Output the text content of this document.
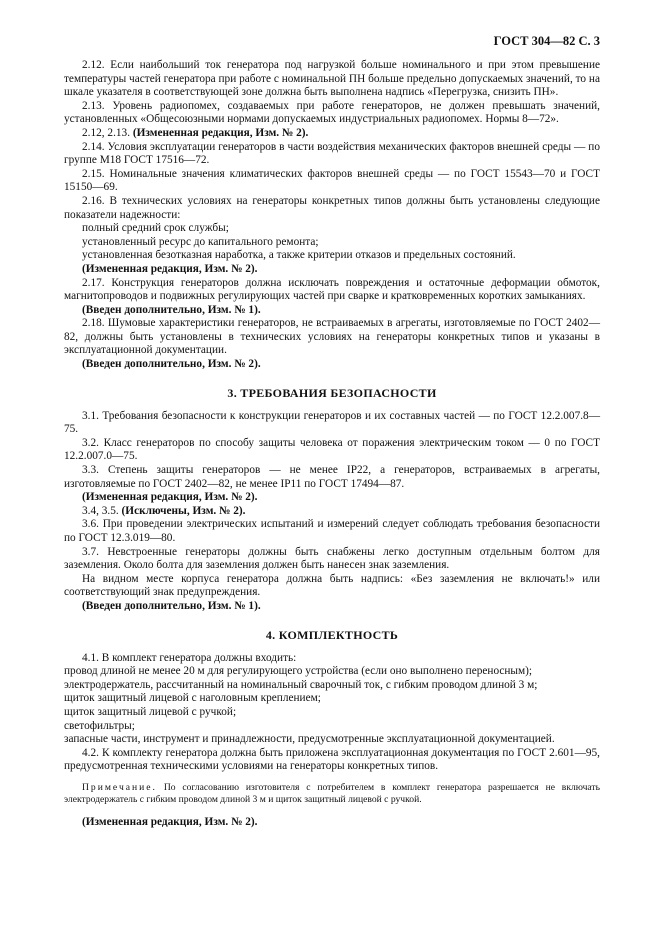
ГОСТ 304—82 С. 3

2.12. Если наибольший ток генератора под нагрузкой больше номинального и при этом превышение температуры частей генератора при работе с номинальной ПН больше предельно допускаемых значений, то на шкале указателя в соответствующей зоне должна быть выполнена надпись «Перегрузка, снизить ПН».

2.13. Уровень радиопомех, создаваемых при работе генераторов, не должен превышать значений, установленных «Общесоюзными нормами допускаемых индустриальных радиопомех. Нормы 8—72».

2.12, 2.13. (Измененная редакция, Изм. № 2).

2.14. Условия эксплуатации генераторов в части воздействия механических факторов внешней среды — по группе М18 ГОСТ 17516—72.

2.15. Номинальные значения климатических факторов внешней среды — по ГОСТ 15543—70 и ГОСТ 15150—69.

2.16. В технических условиях на генераторы конкретных типов должны быть установлены следующие показатели надежности:

полный средний срок службы;

установленный ресурс до капитального ремонта;

установленная безотказная наработка, а также критерии отказов и предельных состояний.

(Измененная редакция, Изм. № 2).

2.17. Конструкция генераторов должна исключать повреждения и остаточные деформации обмоток, магнитопроводов и подвижных регулирующих частей при сварке и кратковременных коротких замыканиях.

(Введен дополнительно, Изм. № 1).

2.18. Шумовые характеристики генераторов, не встраиваемых в агрегаты, изготовляемые по ГОСТ 2402—82, должны быть установлены в технических условиях на генераторы конкретных типов и указаны в эксплуатационной документации.

(Введен дополнительно, Изм. № 2).

3. ТРЕБОВАНИЯ БЕЗОПАСНОСТИ

3.1. Требования безопасности к конструкции генераторов и их составных частей — по ГОСТ 12.2.007.8—75.

3.2. Класс генераторов по способу защиты человека от поражения электрическим током — 0 по ГОСТ 12.2.007.0—75.

3.3. Степень защиты генераторов — не менее IP22, а генераторов, встраиваемых в агрегаты, изготовляемые по ГОСТ 2402—82, не менее IP11 по ГОСТ 17494—87.

(Измененная редакция, Изм. № 2).

3.4, 3.5. (Исключены, Изм. № 2).

3.6. При проведении электрических испытаний и измерений следует соблюдать требования безопасности по ГОСТ 12.3.019—80.

3.7. Невстроенные генераторы должны быть снабжены легко доступным отдельным болтом для заземления. Около болта для заземления должен быть нанесен знак заземления.

На видном месте корпуса генератора должна быть надпись: «Без заземления не включать!» или соответствующий знак предупреждения.

(Введен дополнительно, Изм. № 1).

4. КОМПЛЕКТНОСТЬ

4.1. В комплект генератора должны входить:

провод длиной не менее 20 м для регулирующего устройства (если оно выполнено переносным);

электродержатель, рассчитанный на номинальный сварочный ток, с гибким проводом длиной 3 м;

щиток защитный лицевой с наголовным креплением;

щиток защитный лицевой с ручкой;

светофильтры;

запасные части, инструмент и принадлежности, предусмотренные эксплуатационной документацией.

4.2. К комплекту генератора должна быть приложена эксплуатационная документация по ГОСТ 2.601—95, предусмотренная техническими условиями на генераторы конкретных типов.

Примечание. По согласованию изготовителя с потребителем в комплект генератора разрешается не включать электродержатель с гибким проводом длиной 3 м и щиток защитный лицевой с ручкой.

(Измененная редакция, Изм. № 2).
